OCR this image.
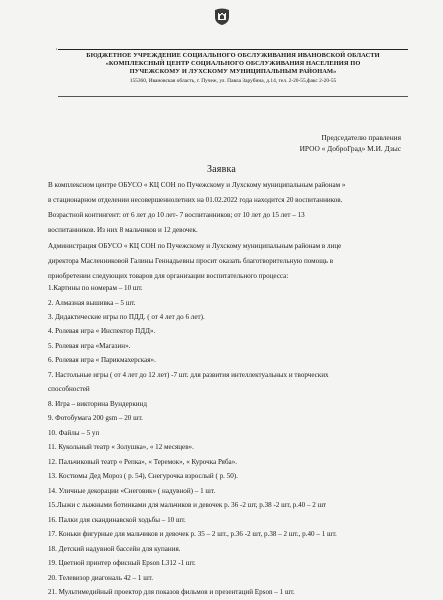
,
БЮДЖЕТНОЕ УЧРЕЖДЕНИЕ СОЦИАЛЬНОГО ОБСЛУЖИВАНИЯ ИВАНОВСКОЙ ОБЛАСТИ
«КОМПЛЕКСНЫЙ ЦЕНТР СОЦИАЛЬНОГО ОБСЛУЖИВАНИЯ НАСЕЛЕНИЯ ПО
ПУЧЕЖСКОМУ И ЛУХСКОМУ МУНИЦИПАЛЬНЫМ РАЙОНАМ»
155360, Ивановская область, г. Пучеж, ул. Павла Зарубина, д.14, тел. 2-20-55,факс 2-20-55
Председателю правления
ИРОО « ДоброГрад» М.И. Дзыс
Заявка
В комплексном центре ОБУСО « КЦ СОН по Пучежскому и Лухскому муниципальным районам »
в стационарном отделении несовершеннолетних на 01.02.2022 года находится 20 воспитанников.
Возрастной контингент: от 6 лет до 10 лет- 7 воспитанников; от 10 лет до 15 лет – 13
воспитанников. Из них 8 мальчиков и 12 девочек.
Администрация ОБУСО « КЦ СОН по Пучежскому и Лухскому муниципальным районам в лице
директора Масленниковой Галины Геннадьевны просит оказать благотворительную помощь в
приобретении следующих товаров для организации воспитательного процесса:
1.Картины по номерам – 10 шт.
2. Алмазная вышивка – 5 шт.
3. Дидактические игры по ПДД. ( от 4 лет до 6 лет).
4. Ролевая игра « Инспектор ПДД».
5. Ролевая игра «Магазин».
6. Ролевая игра « Парикмахерская».
7. Настольные игры ( от 4 лет до 12 лет) -7 шт. для развития интеллектуальных и творческих
способностей
8. Игра – викторина Вундеркинд
9. Фотобумага 200 gsm – 20 шт.
10. Файлы – 5 уп
11. Кукольный театр « Золушка», « 12 месяцев».
12. Пальчиковый театр « Репка», « Теремок», « Курочка Ряба».
13. Костюмы Дед Мороз ( р. 54), Снегурочка взрослый ( р. 50).
14. Уличные декорации «Снеговик» ( надувной) – 1 шт.
15.Лыжи с лыжными ботинками для мальчиков и девочек р. 36 -2 шт, р.38 -2 шт, р.40 – 2 шт
16. Палки для скандинавской ходьбы – 10 шт.
17. Коньки фигурные для мальчиков и девочек р. 35 – 2 шт., р.36 -2 шт, р.38 – 2 шт., р.40 – 1 шт.
18. Детский надувной бассейн для купания.
19. Цветной принтер офисный Epson L312 -1 шт.
20. Телевизор диагональ 42 – 1 шт.
21. Мультимедийный проектор для показов фильмов и презентаций Epson – 1 шт.
